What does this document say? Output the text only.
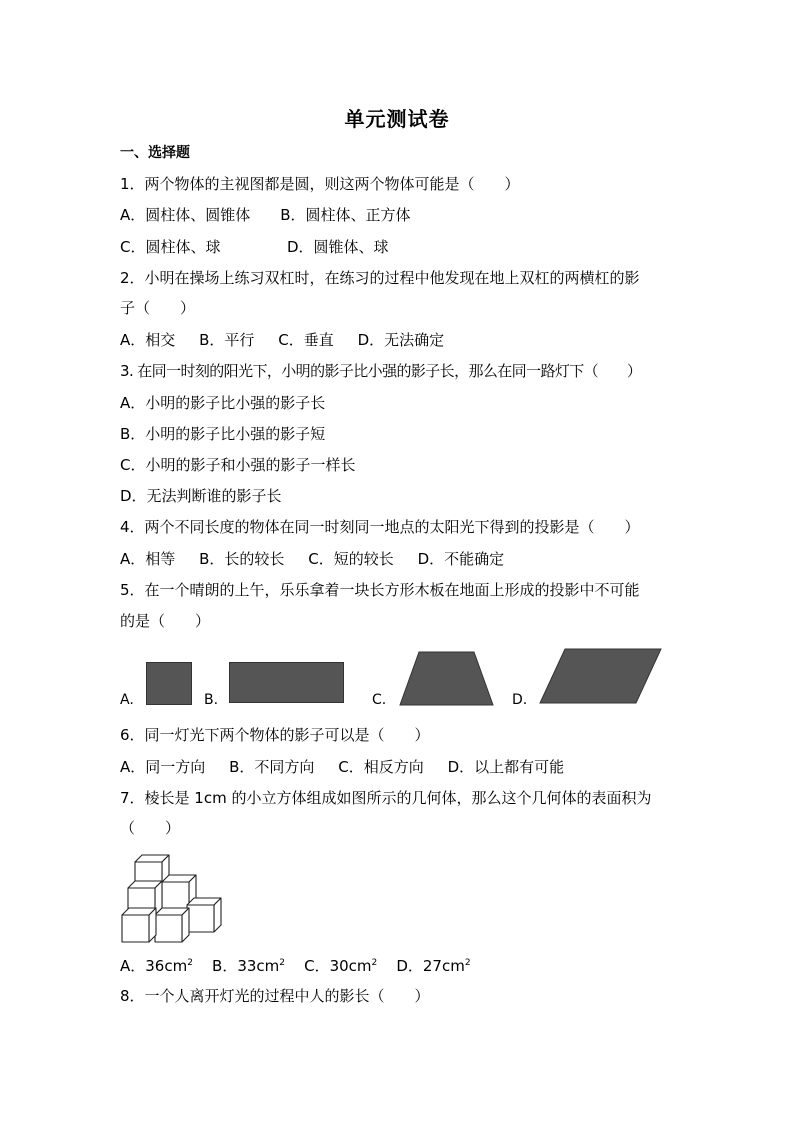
单元测试卷
一、选择题
1．两个物体的主视图都是圆，则这两个物体可能是（　　）
A．圆柱体、圆锥体 B．圆柱体、正方体
C．圆柱体、球	D．圆锥体、球
2．小明在操场上练习双杠时，在练习的过程中他发现在地上双杠的两横杠的影
子（　　）
A．相交 B．平行 C．垂直 D．无法确定
3. 在同一时刻的阳光下，小明的影子比小强的影子长，那么在同一路灯下（　　）
A．小明的影子比小强的影子长
B．小明的影子比小强的影子短
C．小明的影子和小强的影子一样长
D．无法判断谁的影子长
4．两个不同长度的物体在同一时刻同一地点的太阳光下得到的投影是（　　）
A．相等 B．长的较长 C．短的较长 D．不能确定
5．在一个晴朗的上午，乐乐拿着一块长方形木板在地面上形成的投影中不可能
的是（　　）
A.	B.	C.	D.
6．同一灯光下两个物体的影子可以是（　　）
A．同一方向 B．不同方向 C．相反方向 D．以上都有可能
7．棱长是 1cm 的小立方体组成如图所示的几何体，那么这个几何体的表面积为
（　　）
A．$36cm^2$ B．$33cm^2$ C．$30cm^2$ D．$27cm^2$
8．一个人离开灯光的过程中人的影长（　　）
